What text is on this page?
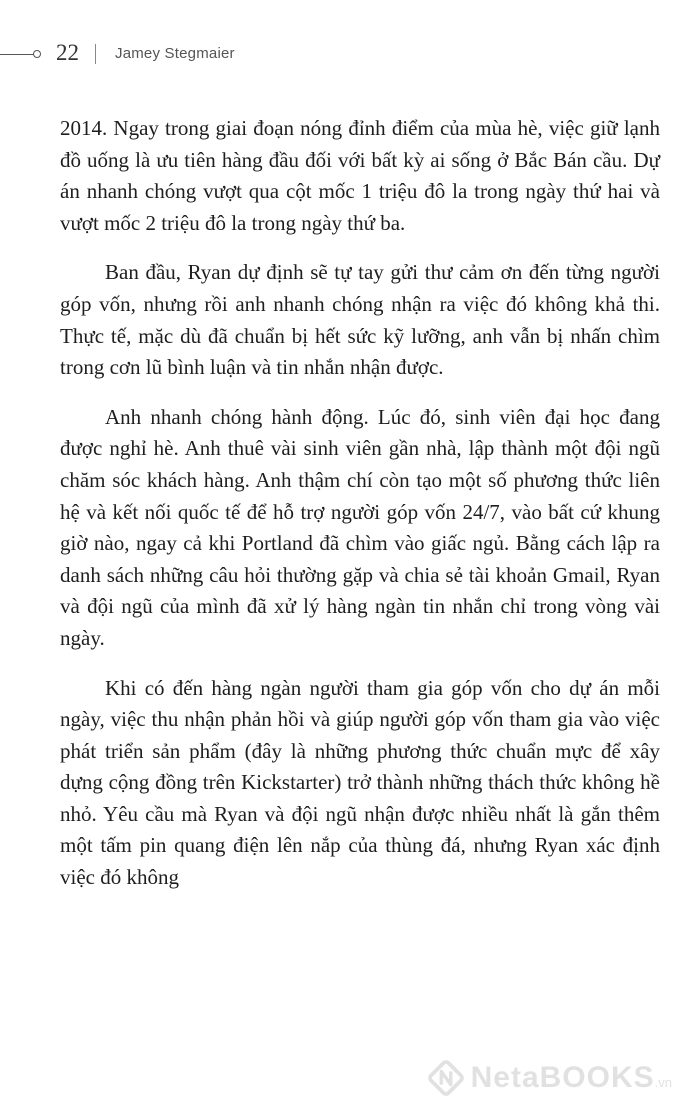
22 Jamey Stegmaier

2014. Ngay trong giai đoạn nóng đỉnh điểm của mùa hè, việc giữ lạnh đồ uống là ưu tiên hàng đầu đối với bất kỳ ai sống ở Bắc Bán cầu. Dự án nhanh chóng vượt qua cột mốc 1 triệu đô la trong ngày thứ hai và vượt mốc 2 triệu đô la trong ngày thứ ba.

Ban đầu, Ryan dự định sẽ tự tay gửi thư cảm ơn đến từng người góp vốn, nhưng rồi anh nhanh chóng nhận ra việc đó không khả thi. Thực tế, mặc dù đã chuẩn bị hết sức kỹ lưỡng, anh vẫn bị nhấn chìm trong cơn lũ bình luận và tin nhắn nhận được.

Anh nhanh chóng hành động. Lúc đó, sinh viên đại học đang được nghỉ hè. Anh thuê vài sinh viên gần nhà, lập thành một đội ngũ chăm sóc khách hàng. Anh thậm chí còn tạo một số phương thức liên hệ và kết nối quốc tế để hỗ trợ người góp vốn 24/7, vào bất cứ khung giờ nào, ngay cả khi Portland đã chìm vào giấc ngủ. Bằng cách lập ra danh sách những câu hỏi thường gặp và chia sẻ tài khoản Gmail, Ryan và đội ngũ của mình đã xử lý hàng ngàn tin nhắn chỉ trong vòng vài ngày.

Khi có đến hàng ngàn người tham gia góp vốn cho dự án mỗi ngày, việc thu nhận phản hồi và giúp người góp vốn tham gia vào việc phát triển sản phẩm (đây là những phương thức chuẩn mực để xây dựng cộng đồng trên Kickstarter) trở thành những thách thức không hề nhỏ. Yêu cầu mà Ryan và đội ngũ nhận được nhiều nhất là gắn thêm một tấm pin quang điện lên nắp của thùng đá, nhưng Ryan xác định việc đó không

NetaBOOKS .vn
